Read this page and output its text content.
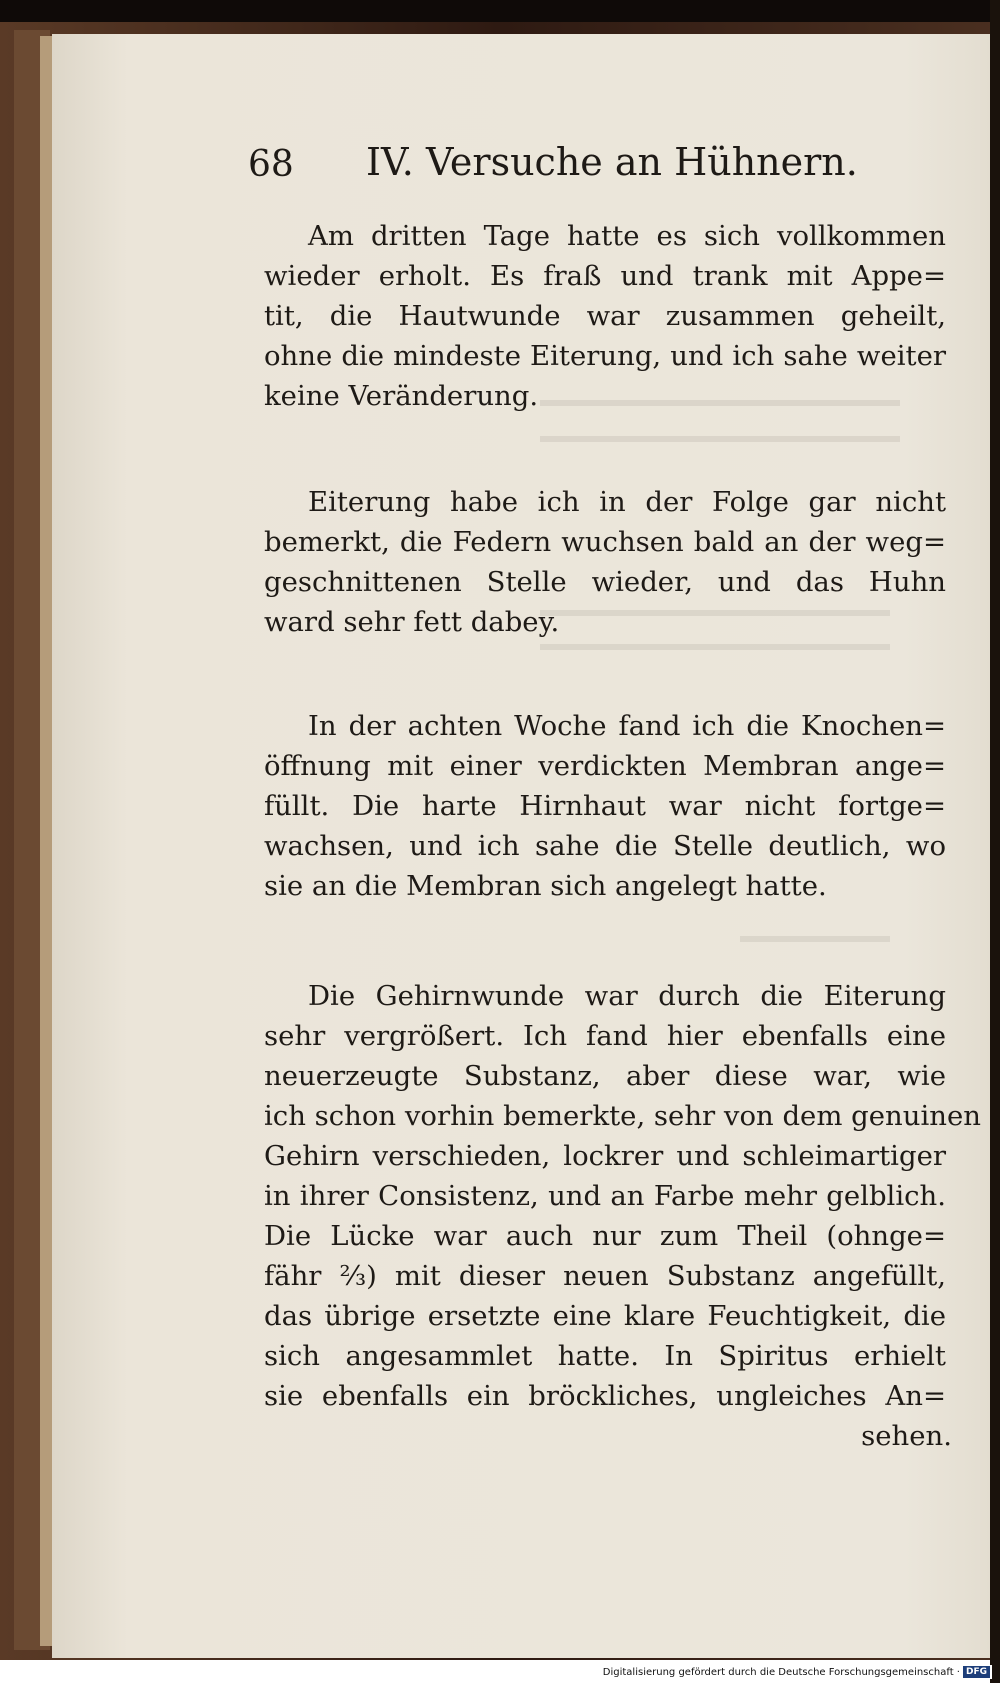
68 IV. Versuche an Hühnern.

Am dritten Tage hatte es sich vollkommen
wieder erholt. Es fraß und trank mit Appe=
tit, die Hautwunde war zusammen geheilt,
ohne die mindeste Eiterung, und ich sahe weiter
keine Veränderung.

Eiterung habe ich in der Folge gar nicht
bemerkt, die Federn wuchsen bald an der weg=
geschnittenen Stelle wieder, und das Huhn
ward sehr fett dabey.

In der achten Woche fand ich die Knochen=
öffnung mit einer verdickten Membran ange=
füllt. Die harte Hirnhaut war nicht fortge=
wachsen, und ich sahe die Stelle deutlich, wo
sie an die Membran sich angelegt hatte.

Die Gehirnwunde war durch die Eiterung
sehr vergrößert. Ich fand hier ebenfalls eine
neuerzeugte Substanz, aber diese war, wie
ich schon vorhin bemerkte, sehr von dem genuinen
Gehirn verschieden, lockrer und schleimartiger
in ihrer Consistenz, und an Farbe mehr gelblich.
Die Lücke war auch nur zum Theil (ohnge=
fähr ⅔) mit dieser neuen Substanz angefüllt,
das übrige ersetzte eine klare Feuchtigkeit, die
sich angesammlet hatte. In Spiritus erhielt
sie ebenfalls ein bröckliches, ungleiches An=

sehen.
Digitalisierung gefördert durch die Deutsche Forschungsgemeinschaft · DFG
